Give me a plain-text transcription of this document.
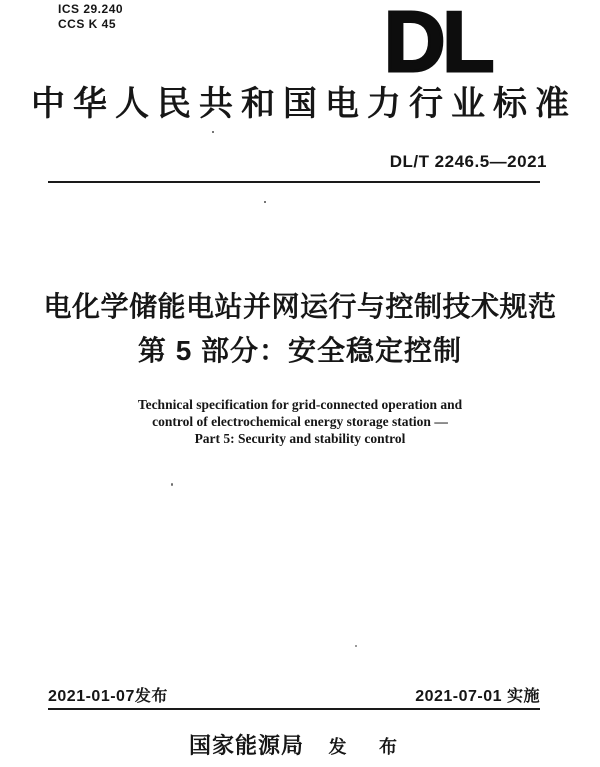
ICS 29.240
CCS K 45	DL
中华人民共和国电力行业标准
DL/T 2246.5—2021
电化学储能电站并网运行与控制技术规范
第 5 部分：安全稳定控制
Technical specification for grid-connected operation and
control of electrochemical energy storage station —
Part 5: Security and stability control
2021-01-07发布	2021-07-01 实施
国家能源局 发 布
